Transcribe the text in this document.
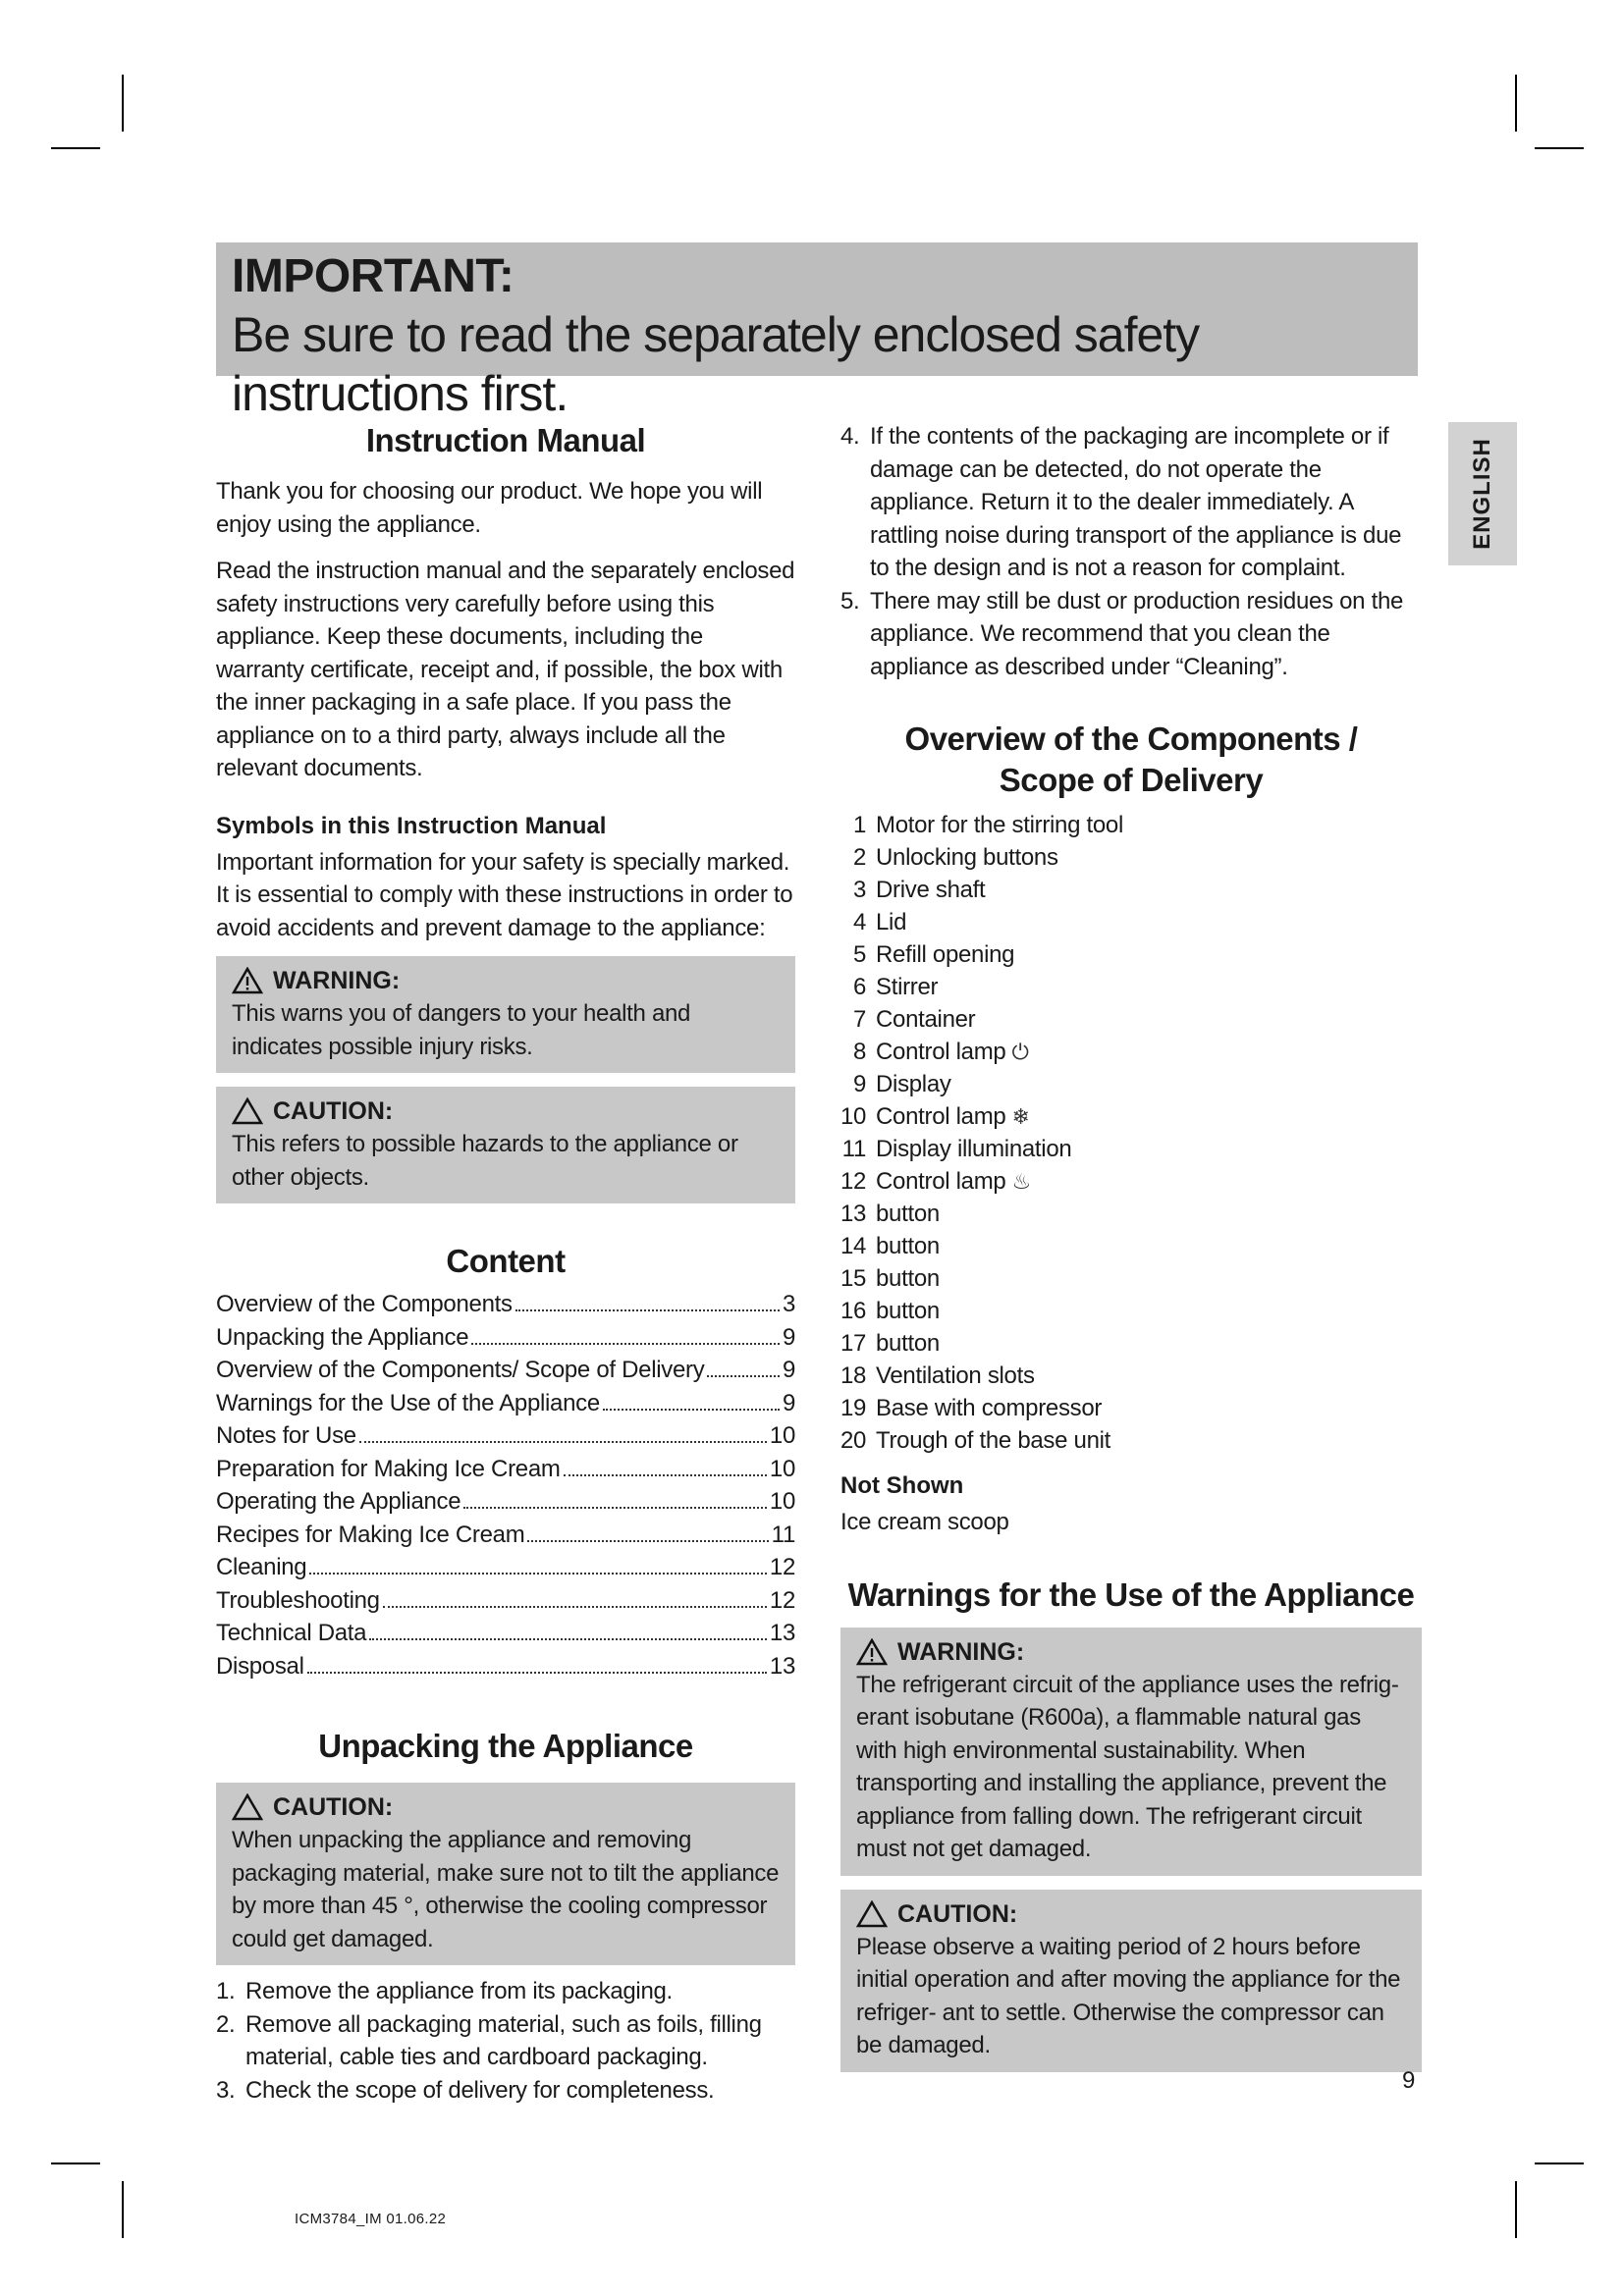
IMPORTANT:
Be sure to read the separately enclosed safety instructions first.
ENGLISH
Instruction Manual

Thank you for choosing our product. We hope you will enjoy using the appliance.

Read the instruction manual and the separately enclosed safety instructions very carefully before using this appliance. Keep these documents, including the warranty certificate, receipt and, if possible, the box with the inner packaging in a safe place. If you pass the appliance on to a third party, always include all the relevant documents.

Symbols in this Instruction Manual

Important information for your safety is specially marked. It is essential to comply with these instructions in order to avoid accidents and prevent damage to the appliance:

WARNING:
This warns you of dangers to your health and indicates possible injury risks.
CAUTION:
This refers to possible hazards to the appliance or other objects.
Content
Overview of the Components	3
Unpacking the Appliance	9
Overview of the Components/ Scope of Delivery	9
Warnings for the Use of the Appliance	9
Notes for Use	10
Preparation for Making Ice Cream	10
Operating the Appliance	10
Recipes for Making Ice Cream	11
Cleaning	12
Troubleshooting	12
Technical Data	13
Disposal	13
Unpacking the Appliance
CAUTION:
When unpacking the appliance and removing packaging material, make sure not to tilt the appliance by more than 45 °, otherwise the cooling compressor could get damaged.
1. Remove the appliance from its packaging.
2. Remove all packaging material, such as foils, filling material, cable ties and cardboard packaging.
3. Check the scope of delivery for completeness.
4. If the contents of the packaging are incomplete or if damage can be detected, do not operate the appliance. Return it to the dealer immediately. A rattling noise during transport of the appliance is due to the design and is not a reason for complaint.
5. There may still be dust or production residues on the appliance. We recommend that you clean the appliance as described under “Cleaning”.
Overview of the Components /
Scope of Delivery
1 Motor for the stirring tool
2 Unlocking buttons
3 Drive shaft
4 Lid
5 Refill opening
6 Stirrer
7 Container
8 Control lamp ⏻
9 Display
10 Control lamp ❄
11 Display illumination
12 Control lamp ♨
13 button
14 button
15 button
16 button
17 button
18 Ventilation slots
19 Base with compressor
20 Trough of the base unit
Not Shown

Ice cream scoop

Warnings for the Use of the Appliance
WARNING:
The refrigerant circuit of the appliance uses the refrig- erant isobutane (R600a), a flammable natural gas with high environmental sustainability. When transporting and installing the appliance, prevent the appliance from falling down. The refrigerant circuit must not get damaged.
CAUTION:
Please observe a waiting period of 2 hours before initial operation and after moving the appliance for the refriger- ant to settle. Otherwise the compressor can be damaged.
9
ICM3784_IM 01.06.22
